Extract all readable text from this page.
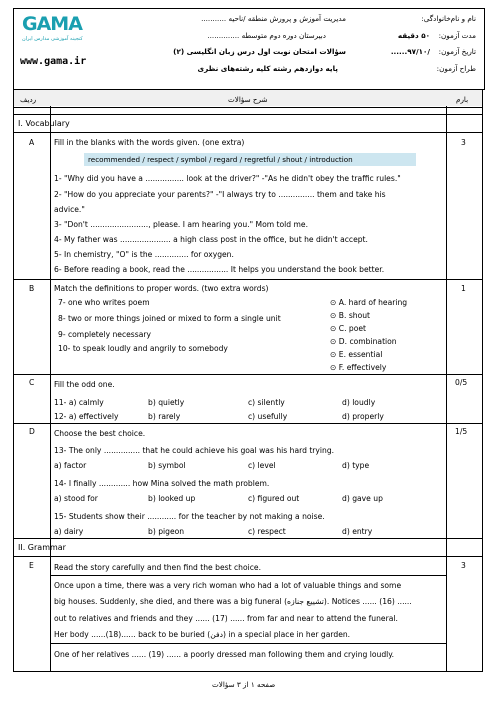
GAMA
کنجینه آموزشی مدارس ایران
www.gama.ir
مدیریت آموزش و پرورش منطقه /ناحیه ...........
دبیرستان دوره دوم متوسطه ..............
سؤالات امتحان نوبت اول درس زبان انگلیسی (۲)
پایه دوازدهم رشته کلیه رشته‌های نظری
نام و نام‌خانوادگی:
مدت آزمون:
۵۰ دقیقه
تاریخ آزمون:
......۹۷/۱۰/
طراح آزمون:
ردیف	شرح سؤالات	بارم
I. Vocabulary
A	3
Fill in the blanks with the words given. (one extra)
recommended / respect / symbol / regard / regretful / shout / introduction
1- "Why did you have a ................ look at the driver?" -"As he didn't obey the traffic rules."
2- "How do you appreciate your parents?" -"I always try to ............... them and take his
advice."
3- "Don't ........................, please. I am hearing you." Mom told me.
4- My father was ..................... a high class post in the office, but he didn't accept.
5- In chemistry, "O" is the .............. for oxygen.
6- Before reading a book, read the ................. It helps you understand the book better.
B	1
Match the definitions to proper words. (two extra words)
7- one who writes poem
8- two or more things joined or mixed to form a single unit
9- completely necessary
10- to speak loudly and angrily to somebody
⊙ A. hard of hearing
⊙ B. shout
⊙ C. poet
⊙ D. combination
⊙ E. essential
⊙ F. effectively
C	0/5
Fill the odd one.
11- a) calmly	b) quietly	c) silently	d) loudly
12- a) effectively	b) rarely	c) usefully	d) properly
D	1/5
Choose the best choice.
13- The only ............... that he could achieve his goal was his hard trying.
a) factor	b) symbol	c) level	d) type
14- I finally ............. how Mina solved the math problem.
a) stood for	b) looked up	c) figured out	d) gave up
15- Students show their ............ for the teacher by not making a noise.
a) dairy	b) pigeon	c) respect	d) entry
II. Grammar
E	3
Read the story carefully and then find the best choice.
Once upon a time, there was a very rich woman who had a lot of valuable things and some
big houses. Suddenly, she died, and there was a big funeral (تشییع جنازه). Notices ...... (16) ......
out to relatives and friends and they ...... (17) ...... from far and near to attend the funeral.
Her body ......(18)...... back to be buried (دفن) in a special place in her garden.
One of her relatives ...... (19) ...... a poorly dressed man following them and crying loudly.
صفحه ۱ از ۳ سؤالات
